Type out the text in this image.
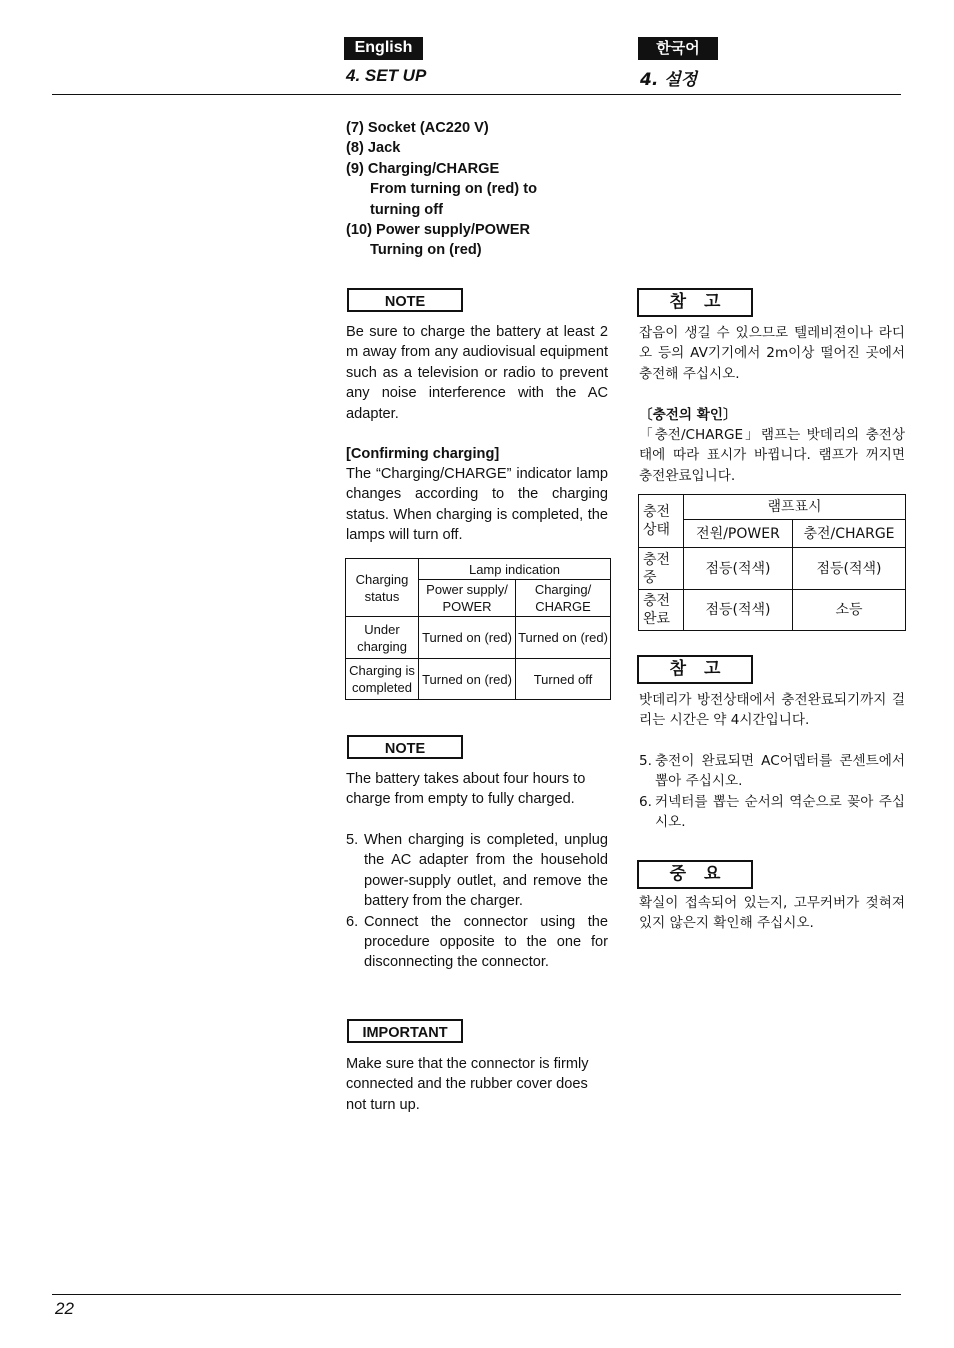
English	한국어
4. SET UP	4. 설정
(7)
Socket (AC220 V)
(8)
Jack
(9)
Charging/CHARGE
From turning on (red) to
turning off
(10)
Power supply/POWER
Turning on (red)
NOTE
Be sure to charge the battery at least 2 m away from any audiovisual equipment such as a television or radio to prevent any noise interference with the AC adapter.
[Confirming charging]
The “Charging/CHARGE” indicator lamp changes according to the charging status. When charging is completed, the lamps will turn off.
Charging status	Lamp indication	
	Power supply/ POWER	Charging/ CHARGE
Under charging	Turned on (red)	Turned on (red)
Charging is completed	Turned on (red)	Turned off
NOTE
The battery takes about four hours to charge from empty to fully charged.
5. When charging is completed, unplug the AC adapter from the household power-supply outlet, and remove the battery from the charger.
6. Connect the connector using the procedure opposite to the one for disconnecting the connector.
IMPORTANT
Make sure that the connector is firmly connected and the rubber cover does not turn up.
참고
잡음이 생길 수 있으므로 텔레비젼이나 라디오 등의 AV기기에서 2m이상 떨어진 곳에서 충전해 주십시오.
〔충전의 확인〕
「충전/CHARGE」램프는 밧데리의 충전상태에 따라 표시가 바뀝니다. 램프가 꺼지면 충전완료입니다.
충전 상태	램프표시	
	전원/POWER	충전/CHARGE
충전 중	점등(적색)	점등(적색)
충전 완료	점등(적색)	소등
참고
밧데리가 방전상태에서 충전완료되기까지 걸리는 시간은 약 4시간입니다.
5. 충전이 완료되면 AC어뎁터를 콘센트에서 뽑아 주십시오.
6. 커넥터를 뽑는 순서의 역순으로 꽂아 주십시오.
중요
확실이 접속되어 있는지, 고무커버가 젖혀져 있지 않은지 확인해 주십시오.
22
